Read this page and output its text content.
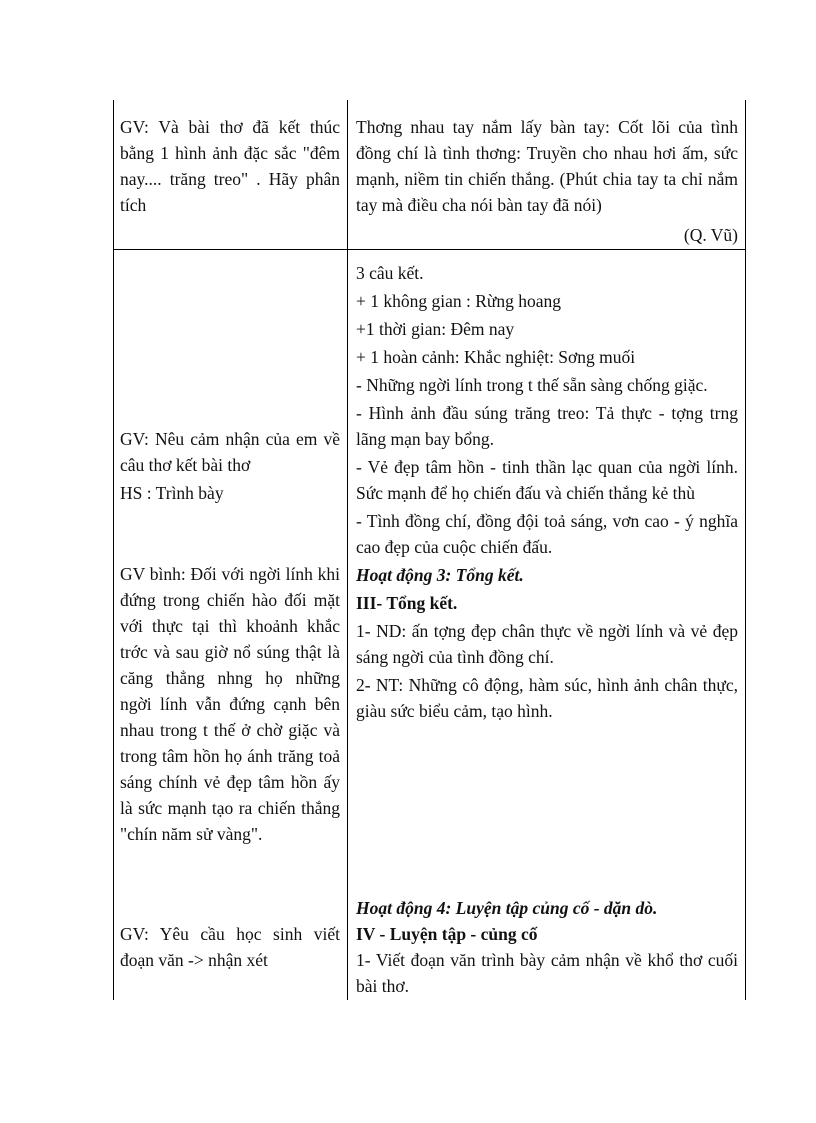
GV: Và bài thơ đã kết thúc bằng 1 hình ảnh đặc sắc "đêm nay.... trăng treo" . Hãy phân tích
Thơng nhau tay nắm lấy bàn tay: Cốt lõi của tình đồng chí là tình thơng: Truyền cho nhau hơi ấm, sức mạnh, niềm tin chiến thắng. (Phút chia tay ta chỉ nắm tay mà điều cha nói bàn tay đã nói)
(Q. Vũ)
GV: Nêu cảm nhận của em về câu thơ kết bài thơ
HS : Trình bày
GV bình: Đối với ngời lính khi đứng trong chiến hào đối mặt với thực tại thì khoảnh khắc trớc và sau giờ nổ súng thật là căng thẳng nhng họ những ngời lính vẫn đứng cạnh bên nhau trong t thế ở chờ giặc và trong tâm hồn họ ánh trăng toả sáng chính vẻ đẹp tâm hồn ấy là sức mạnh tạo ra chiến thắng "chín năm sử vàng".
GV: Yêu cầu học sinh viết đoạn văn -> nhận xét

3 câu kết.

+ 1 không gian : Rừng hoang

+1 thời gian: Đêm nay

+ 1 hoàn cảnh: Khắc nghiệt: Sơng muối

- Những ngời lính trong t thế sẵn sàng chống giặc.

- Hình ảnh đầu súng trăng treo: Tả thực - tợng trng lãng mạn bay bổng.

- Vẻ đẹp tâm hồn - tinh thần lạc quan của ngời lính. Sức mạnh để họ chiến đấu và chiến thắng kẻ thù

- Tình đồng chí, đồng đội toả sáng, vơn cao - ý nghĩa cao đẹp của cuộc chiến đấu.

Hoạt động 3: Tổng kết.

III- Tổng kết.

1- ND: ấn tợng đẹp chân thực về ngời lính và vẻ đẹp sáng ngời của tình đồng chí.

2- NT: Những cô động, hàm súc, hình ảnh chân thực, giàu sức biểu cảm, tạo hình.

Hoạt động 4: Luyện tập củng cố - dặn dò.

IV - Luyện tập - củng cố

1- Viết đoạn văn trình bày cảm nhận về khổ thơ cuối bài thơ.
